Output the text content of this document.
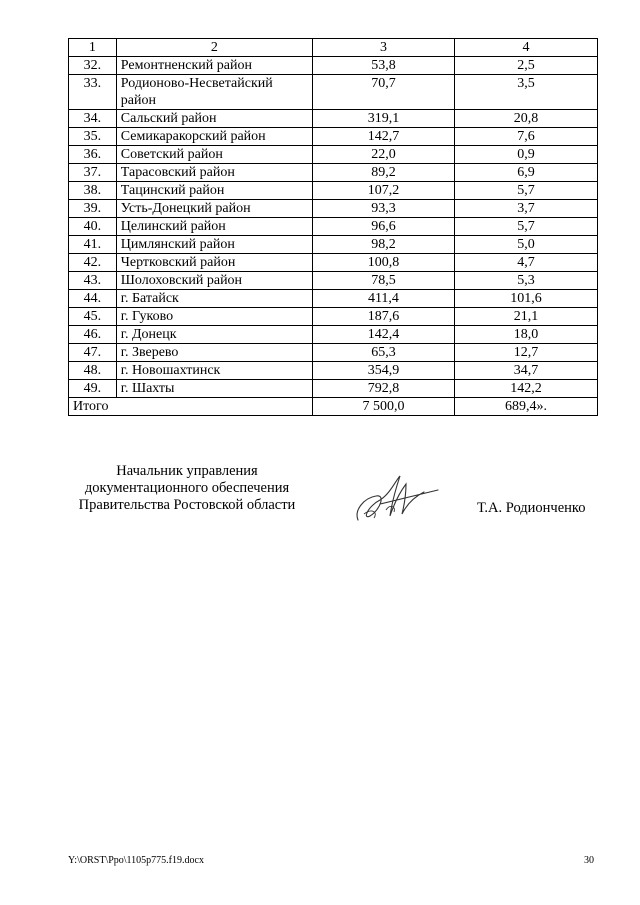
1	2	3	4
32.	Ремонтненский район	53,8	2,5
33.	Родионово-Несветайский район	70,7	3,5
34.	Сальский район	319,1	20,8
35.	Семикаракорский район	142,7	7,6
36.	Советский район	22,0	0,9
37.	Тарасовский район	89,2	6,9
38.	Тацинский район	107,2	5,7
39.	Усть-Донецкий район	93,3	3,7
40.	Целинский район	96,6	5,7
41.	Цимлянский район	98,2	5,0
42.	Чертковский район	100,8	4,7
43.	Шолоховский район	78,5	5,3
44.	г. Батайск	411,4	101,6
45.	г. Гуково	187,6	21,1
46.	г. Донецк	142,4	18,0
47.	г. Зверево	65,3	12,7
48.	г. Новошахтинск	354,9	34,7
49.	г. Шахты	792,8	142,2
Итого		7 500,0	689,4».
Начальник управления
документационного обеспечения
Правительства Ростовской области	Т.А. Родионченко
Y:\ORST\Ppo\1105p775.f19.docx	30
